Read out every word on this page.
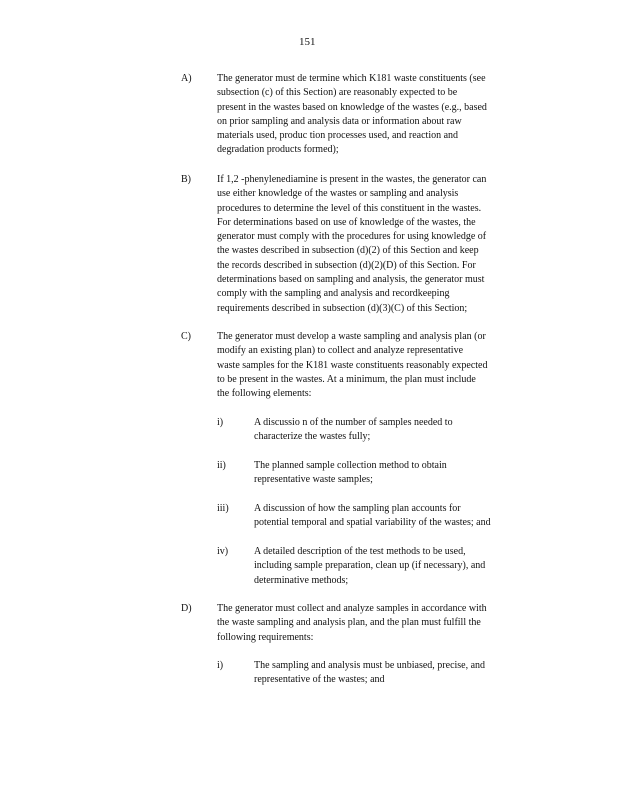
151
A)	The generator must de termine which K181 waste constituents (see

subsection (c) of this Section) are reasonably expected to be

present in the wastes based on knowledge of the wastes (e.g., based

on prior sampling and analysis data or information about raw

materials used, produc tion processes used, and reaction and

degradation products formed);

B)	If 1,2 -phenylenediamine is present in the wastes, the generator can

use either knowledge of the wastes or sampling and analysis

procedures to determine the level of this constituent in the wastes.

For determinations based on use of knowledge of the wastes, the

generator must comply with the procedures for using knowledge of

the wastes described in subsection (d)(2) of this Section and keep

the records described in subsection (d)(2)(D) of this Section. For

determinations based on sampling and analysis, the generator must

comply with the sampling and analysis and recordkeeping

requirements described in subsection (d)(3)(C) of this Section;

C)	The generator must develop a waste sampling and analysis plan (or

modify an existing plan) to collect and analyze representative

waste samples for the K181 waste constituents reasonably expected

to be present in the wastes. At a minimum, the plan must include

the following elements:

i)	A discussio n of the number of samples needed to

characterize the wastes fully;

ii)	The planned sample collection method to obtain

representative waste samples;

iii)	A discussion of how the sampling plan accounts for

potential temporal and spatial variability of the wastes; and

iv)	A detailed description of the test methods to be used,

including sample preparation, clean up (if necessary), and

determinative methods;

D)	The generator must collect and analyze samples in accordance with

the waste sampling and analysis plan, and the plan must fulfill the

following requirements:

i)	The sampling and analysis must be unbiased, precise, and

representative of the wastes; and
